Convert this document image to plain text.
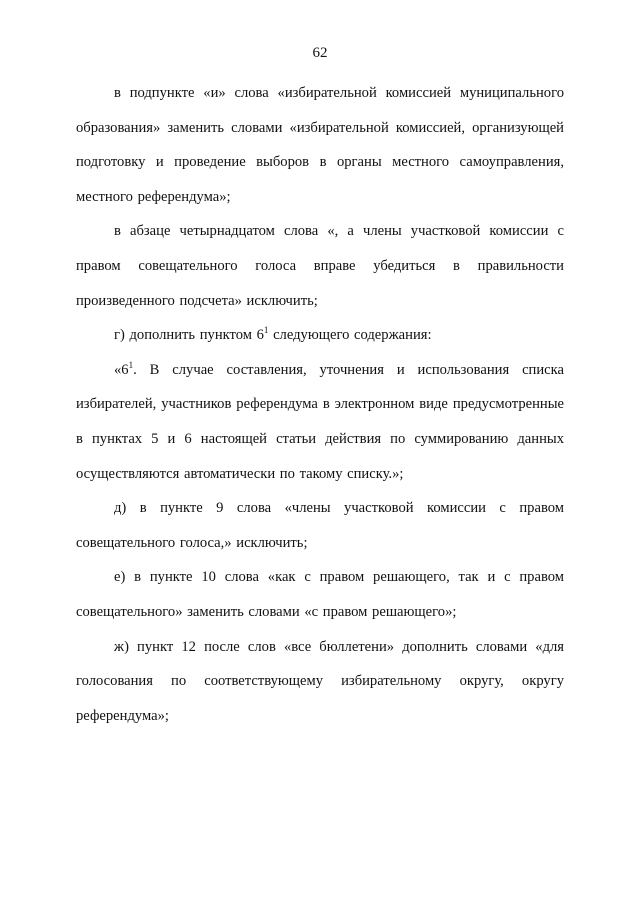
62

в подпункте «и» слова «избирательной комиссией муниципального образования» заменить словами «избирательной комиссией, организующей подготовку и проведение выборов в органы местного самоуправления, местного референдума»;

в абзаце четырнадцатом слова «, а члены участковой комиссии с правом совещательного голоса вправе убедиться в правильности произведенного подсчета» исключить;

г) дополнить пунктом $6^1$ следующего содержания:

«$6^1$. В случае составления, уточнения и использования списка избирателей, участников референдума в электронном виде предусмотренные в пунктах 5 и 6 настоящей статьи действия по суммированию данных осуществляются автоматически по такому списку.»;

д) в пункте 9 слова «члены участковой комиссии с правом совещательного голоса,» исключить;

е) в пункте 10 слова «как с правом решающего, так и с правом совещательного» заменить словами «с правом решающего»;

ж) пункт 12 после слов «все бюллетени» дополнить словами «для голосования по соответствующему избирательному округу, округу референдума»;
